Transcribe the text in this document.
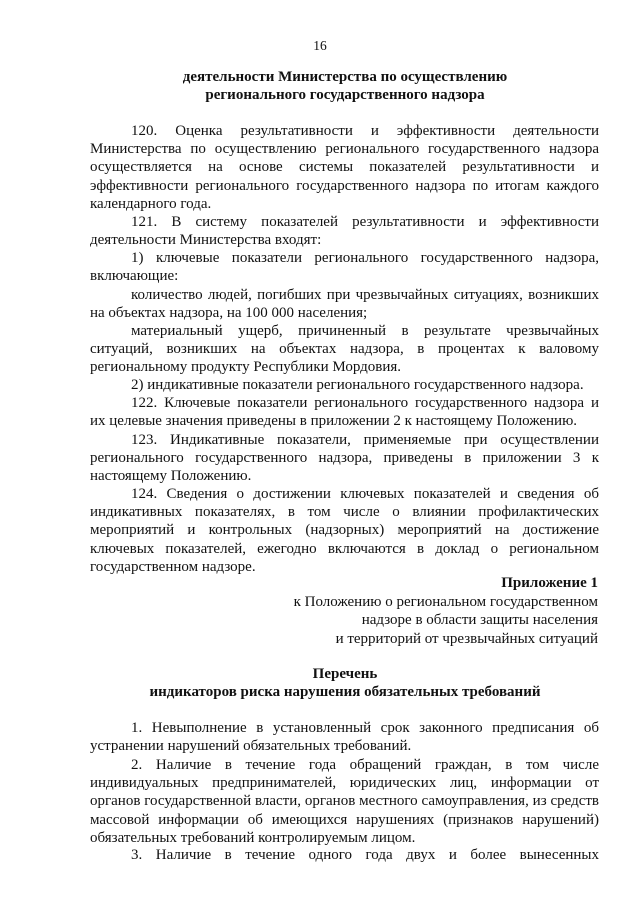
16
деятельности Министерства по осуществлению
регионального государственного надзора

120. Оценка результативности и эффективности деятельности Министерства по осуществлению регионального государственного надзора осуществляется на основе системы показателей результативности и эффективности регионального государственного надзора по итогам каждого календарного года.

121. В систему показателей результативности и эффективности деятельности Министерства входят:

1) ключевые показатели регионального государственного надзора, включающие:

количество людей, погибших при чрезвычайных ситуациях, возникших на объектах надзора, на 100 000 населения;

материальный ущерб, причиненный в результате чрезвычайных ситуаций, возникших на объектах надзора, в процентах к валовому региональному продукту Республики Мордовия.

2) индикативные показатели регионального государственного надзора.

122. Ключевые показатели регионального государственного надзора и их целевые значения приведены в приложении 2 к настоящему Положению.

123. Индикативные показатели, применяемые при осуществлении регионального государственного надзора, приведены в приложении 3 к настоящему Положению.

124. Сведения о достижении ключевых показателей и сведения об индикативных показателях, в том числе о влиянии профилактических мероприятий и контрольных (надзорных) мероприятий на достижение ключевых показателей, ежегодно включаются в доклад о региональном государственном надзоре.

Приложение 1
к Положению о региональном государственном
надзоре в области защиты населения
и территорий от чрезвычайных ситуаций
Перечень
индикаторов риска нарушения обязательных требований

1. Невыполнение в установленный срок законного предписания об устранении нарушений обязательных требований.

2. Наличие в течение года обращений граждан, в том числе индивидуальных предпринимателей, юридических лиц, информации от органов государственной власти, органов местного самоуправления, из средств массовой информации об имеющихся нарушениях (признаков нарушений) обязательных требований контролируемым лицом.

3. Наличие в течение одного года двух и более вынесенных
